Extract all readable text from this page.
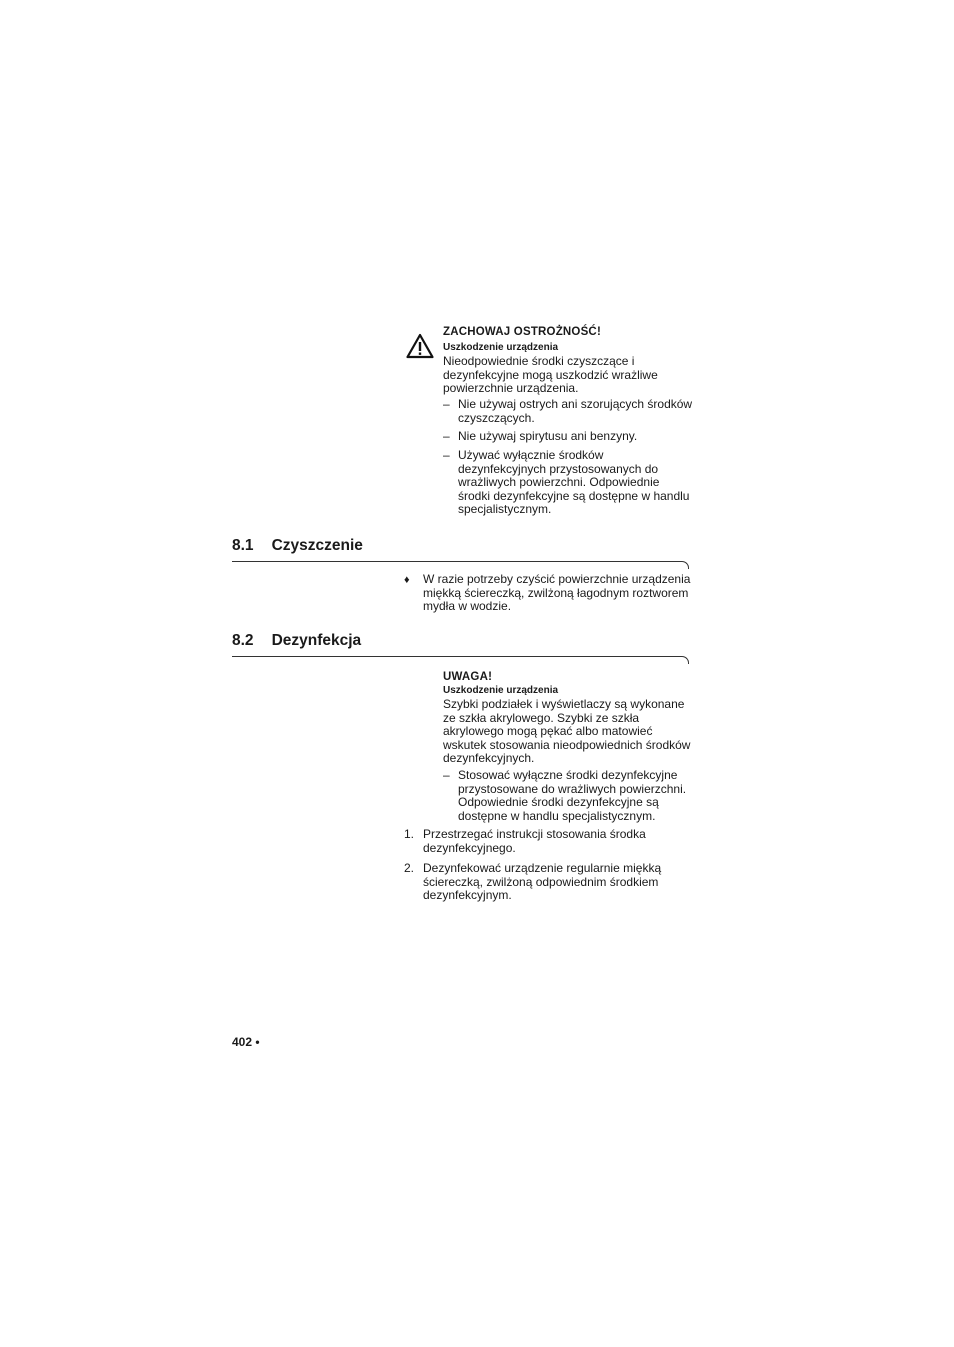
ZACHOWAJ OSTROŻNOŚĆ!
Uszkodzenie urządzenia
Nieodpowiednie środki czyszczące i dezynfekcyjne mogą uszkodzić wrażliwe powierzchnie urządzenia.
– Nie używaj ostrych ani szorujących środków czyszczących.
– Nie używaj spirytusu ani benzyny.
– Używać wyłącznie środków dezynfekcyjnych przystosowanych do wrażliwych powierzchni. Odpowiednie środki dezynfekcyjne są dostępne w handlu specjalistycznym.
8.1 Czyszczenie
♦ W razie potrzeby czyścić powierzchnie urządzenia miękką ściereczką, zwilżoną łagodnym roztworem mydła w wodzie.
8.2 Dezynfekcja
UWAGA!
Uszkodzenie urządzenia
Szybki podziałek i wyświetlaczy są wykonane ze szkła akrylowego. Szybki ze szkła akrylowego mogą pękać albo matowieć wskutek stosowania nieodpowiednich środków dezynfekcyjnych.
– Stosować wyłączne środki dezynfekcyjne przystosowane do wrażliwych powierzchni. Odpowiednie środki dezynfekcyjne są dostępne w handlu specjalistycznym.
1. Przestrzegać instrukcji stosowania środka dezynfekcyjnego.
2. Dezynfekować urządzenie regularnie miękką ściereczką, zwilżoną odpowiednim środkiem dezynfekcyjnym.
402 •
